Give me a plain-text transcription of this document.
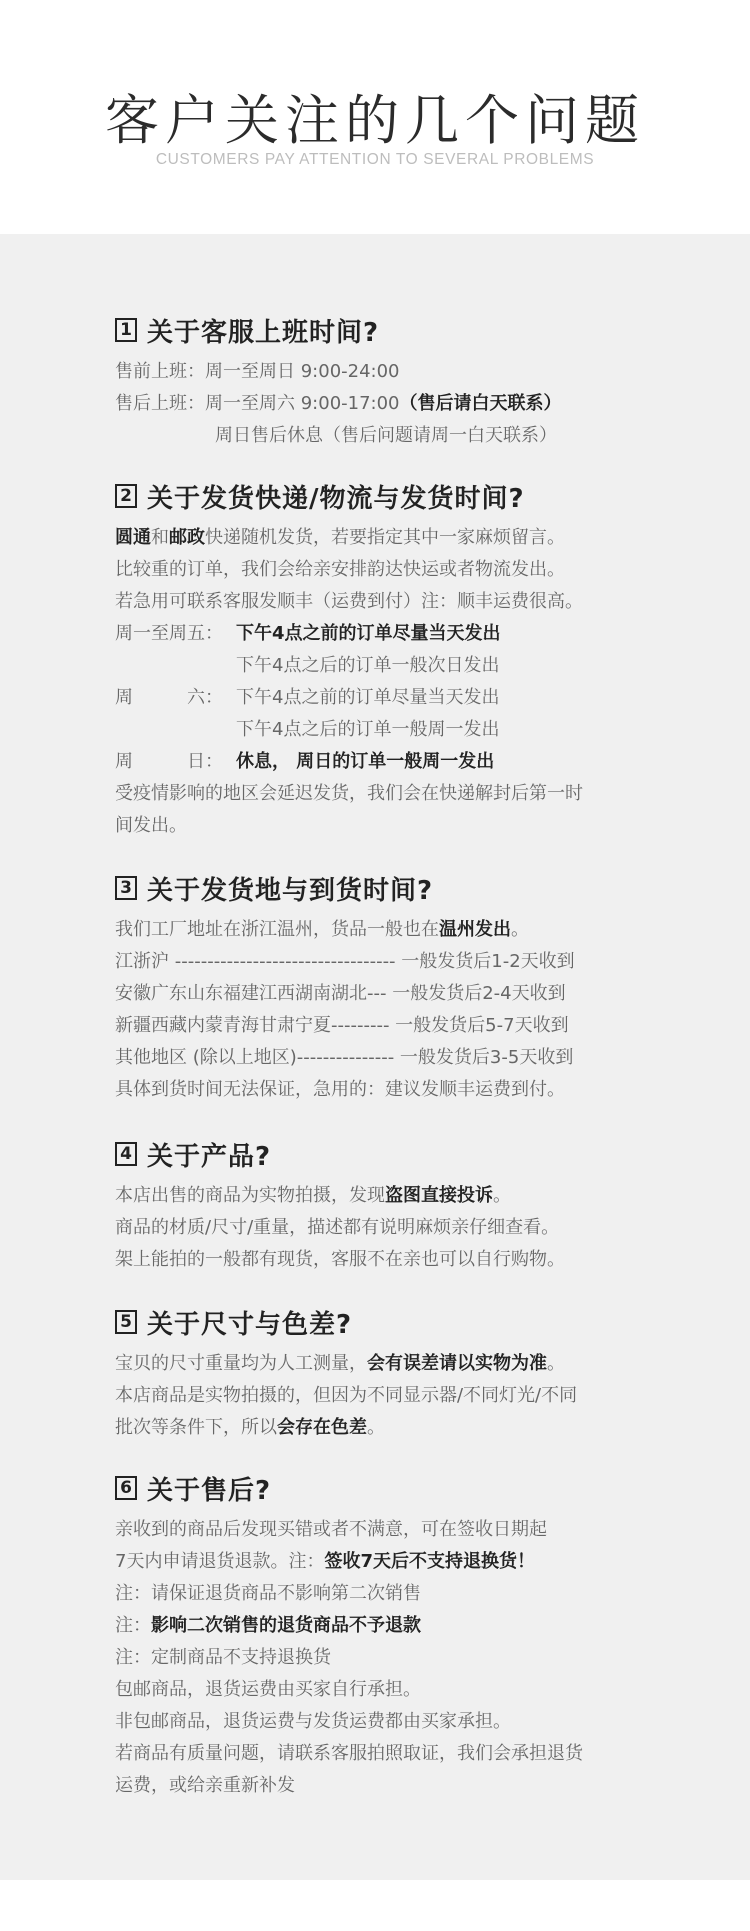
客户关注的几个问题
CUSTOMERS PAY ATTENTION TO SEVERAL PROBLEMS
1 关于客服上班时间?
售前上班：周一至周日 9:00-24:00
售后上班：周一至周六 9:00-17:00（售后请白天联系）
周日售后休息（售后问题请周一白天联系）
2 关于发货快递/物流与发货时间?
圆通和邮政快递随机发货，若要指定其中一家麻烦留言。
比较重的订单，我们会给亲安排韵达快运或者物流发出。
若急用可联系客服发顺丰（运费到付）注：顺丰运费很高。
周一至周五： 下午4点之前的订单尽量当天发出
下午4点之后的订单一般次日发出
周　　　六： 下午4点之前的订单尽量当天发出
下午4点之后的订单一般周一发出
周　　　日： 休息， 周日的订单一般周一发出
受疫情影响的地区会延迟发货，我们会在快递解封后第一时
间发出。
3 关于发货地与到货时间?
我们工厂地址在浙江温州，货品一般也在温州发出。
江浙沪 ---------------------------------- 一般发货后1-2天收到
安徽广东山东福建江西湖南湖北--- 一般发货后2-4天收到
新疆西藏内蒙青海甘肃宁夏--------- 一般发货后5-7天收到
其他地区 (除以上地区)--------------- 一般发货后3-5天收到
具体到货时间无法保证，急用的：建议发顺丰运费到付。
4 关于产品?
本店出售的商品为实物拍摄，发现盗图直接投诉。
商品的材质/尺寸/重量，描述都有说明麻烦亲仔细查看。
架上能拍的一般都有现货，客服不在亲也可以自行购物。
5 关于尺寸与色差?
宝贝的尺寸重量均为人工测量，会有误差请以实物为准。
本店商品是实物拍摄的，但因为不同显示器/不同灯光/不同
批次等条件下，所以会存在色差。
6 关于售后?
亲收到的商品后发现买错或者不满意，可在签收日期起
7天内申请退货退款。注：签收7天后不支持退换货！
注：请保证退货商品不影响第二次销售
注：影响二次销售的退货商品不予退款
注：定制商品不支持退换货
包邮商品，退货运费由买家自行承担。
非包邮商品，退货运费与发货运费都由买家承担。
若商品有质量问题，请联系客服拍照取证，我们会承担退货
运费，或给亲重新补发
